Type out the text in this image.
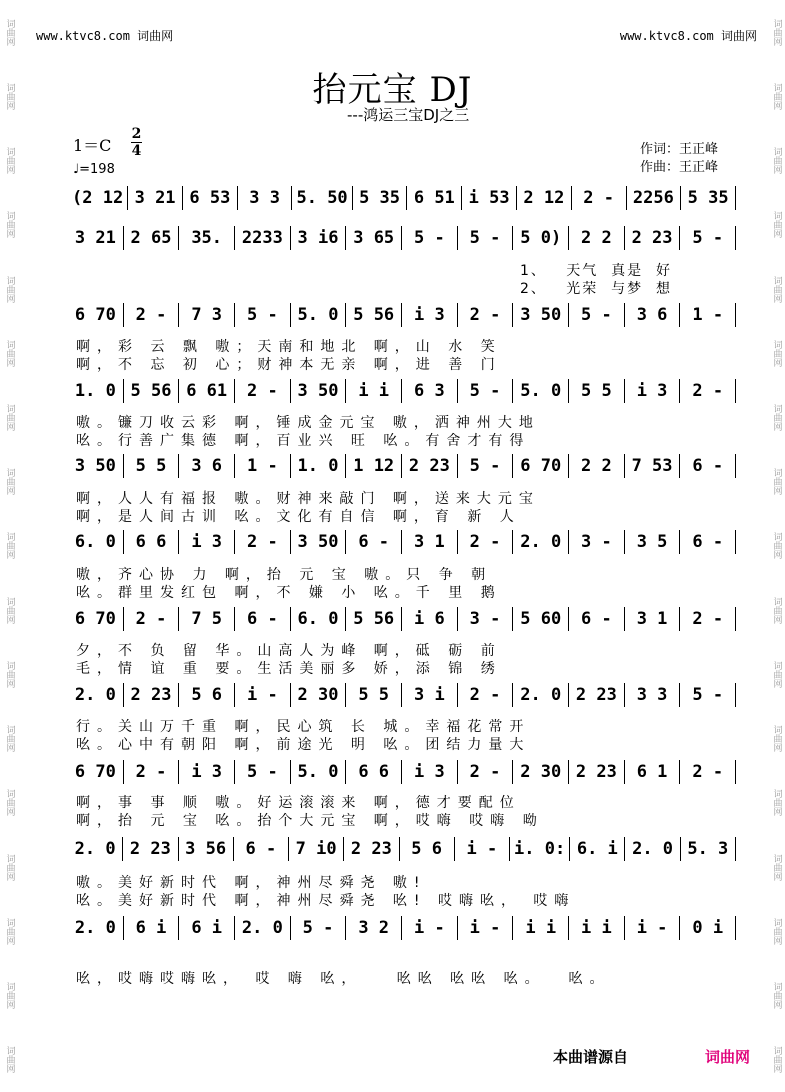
词曲网
词曲网
词曲网
词曲网
词曲网
词曲网
词曲网
词曲网
词曲网
词曲网
词曲网
词曲网
词曲网
词曲网
词曲网
词曲网
词曲网
词曲网
词曲网
词曲网
词曲网
词曲网
词曲网
词曲网
词曲网
词曲网
词曲网
词曲网
词曲网
词曲网
词曲网
词曲网
词曲网
词曲网
www.ktvc8.com 词曲网	www.ktvc8.com 词曲网
抬元宝 DJ
---鸿运三宝DJ之三
1＝C
2
4
♩=198
作词：王正峰
作曲：王正峰
(2 12 3 21 6 53	3 3 5. 50 5 35 6 51 i 53 2 12	2 -	2256 5 35
3 21 2 65	35.	2233 3 i6 3 65	5 -	5 -	5 0)	2 2	2 23	5 -
6 70	2 -	7 3	5 -	5. 0 5 56	i 3	2 -	3 50	5 -	3 6	1 -
1. 0 5 56 6 61	2 -	3 50	i i	6 3	5 -	5. 0	5 5	i 3	2 -
3 50	5 5	3 6	1 -	1. 0 1 12 2 23	5 -	6 70	2 2	7 53	6 -
6. 0	6 6	i 3	2 -	3 50	6 -	3 1	2 -	2. 0	3 -	3 5	6 -
6 70	2 -	7 5	6 -	6. 0 5 56	i 6	3 -	5 60	6 -	3 1	2 -
2. 0 2 23	5 6	i -	2 30	5 5	3 i	2 -	2. 0 2 23	3 3	5 -
6 70	2 -	i 3	5 -	5. 0	6 6	i 3	2 -	2 30 2 23	6 1	2 -
2. 0 2 23 3 56	6 -	7 i0 2 23	5 6	i - i. 0: 6. i 2. 0 5. 3
2. 0	6 i	6 i	2. 0	5 -	3 2	i -	i -	i i	i i	i -	0 i
1、   天气  真是  好
2、   光荣  与梦  想
啊，彩 云 飘 嗷；天南和地北 啊，山 水 笑
啊，不 忘 初 心；财神本无亲 啊，进 善 门
嗷。镰刀收云彩 啊，锤成金元宝 嗷，洒神州大地
吆。行善广集德 啊，百业兴 旺 吆。有舍才有得
啊，人人有福报 嗷。财神来敲门 啊，送来大元宝
啊，是人间古训 吆。文化有自信 啊，育 新 人
嗷，齐心协 力 啊，抬 元 宝 嗷。只 争 朝
吆。群里发红包 啊，不 嫌 小 吆。千 里 鹅
夕，不 负 留 华。山高人为峰 啊，砥 砺 前
毛，情 谊 重 要。生活美丽多 娇，添 锦 绣
行。关山万千重 啊，民心筑 长 城。幸福花常开
吆。心中有朝阳 啊，前途光 明 吆。团结力量大
啊，事 事 顺 嗷。好运滚滚来 啊，德才要配位
啊，抬 元 宝 吆。抬个大元宝 啊，哎嗨 哎嗨 呦
嗷。美好新时代 啊，神州尽舜尧 嗷!
吆。美好新时代 啊，神州尽舜尧 吆! 哎嗨吆， 哎嗨
吆，哎嗨哎嗨吆， 哎 嗨 吆，   吆吆 吆吆 吆。  吆。
本曲谱源自	词曲网
